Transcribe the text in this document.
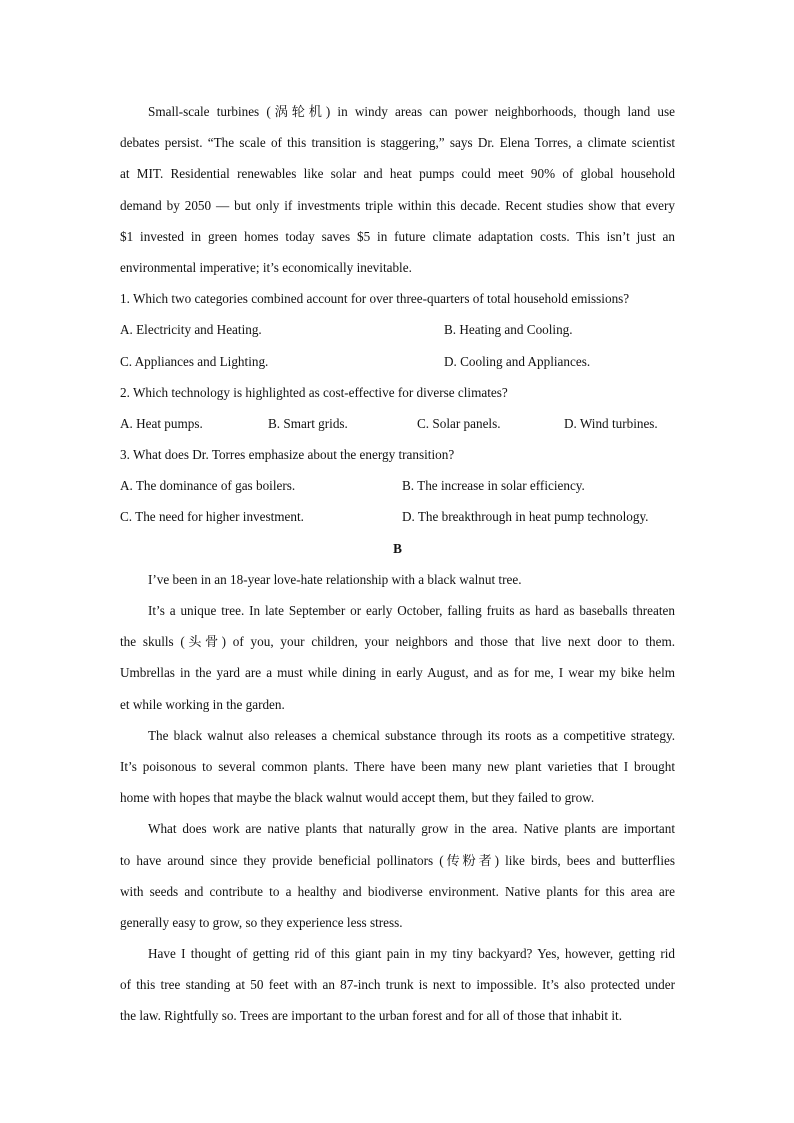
Small-scale turbines (涡轮机) in windy areas can power neighborhoods, though land use
debates persist. “The scale of this transition is staggering,” says Dr. Elena Torres, a climate scientist
at MIT. Residential renewables like solar and heat pumps could meet 90% of global household
demand by 2050 — but only if investments triple within this decade. Recent studies show that every
$1 invested in green homes today saves $5 in future climate adaptation costs. This isn’t just an
environmental imperative; it’s economically inevitable.
1. Which two categories combined account for over three-quarters of total household emissions?
A. Electricity and Heating.	B. Heating and Cooling.
C. Appliances and Lighting.	D. Cooling and Appliances.
2. Which technology is highlighted as cost-effective for diverse climates?
A. Heat pumps.	B. Smart grids.	C. Solar panels.	D. Wind turbines.
3. What does Dr. Torres emphasize about the energy transition?
A. The dominance of gas boilers.	B. The increase in solar efficiency.
C. The need for higher investment.	D. The breakthrough in heat pump technology.
B
I’ve been in an 18-year love-hate relationship with a black walnut tree.
It’s a unique tree. In late September or early October, falling fruits as hard as baseballs threaten
the skulls (头骨) of you, your children, your neighbors and those that live next door to them.
Umbrellas in the yard are a must while dining in early August, and as for me, I wear my bike helm
et while working in the garden.
The black walnut also releases a chemical substance through its roots as a competitive strategy.
It’s poisonous to several common plants. There have been many new plant varieties that I brought
home with hopes that maybe the black walnut would accept them, but they failed to grow.
What does work are native plants that naturally grow in the area. Native plants are important
to have around since they provide beneficial pollinators (传粉者) like birds, bees and butterflies
with seeds and contribute to a healthy and biodiverse environment. Native plants for this area are
generally easy to grow, so they experience less stress.
Have I thought of getting rid of this giant pain in my tiny backyard? Yes, however, getting rid
of this tree standing at 50 feet with an 87-inch trunk is next to impossible. It’s also protected under
the law. Rightfully so. Trees are important to the urban forest and for all of those that inhabit it.
